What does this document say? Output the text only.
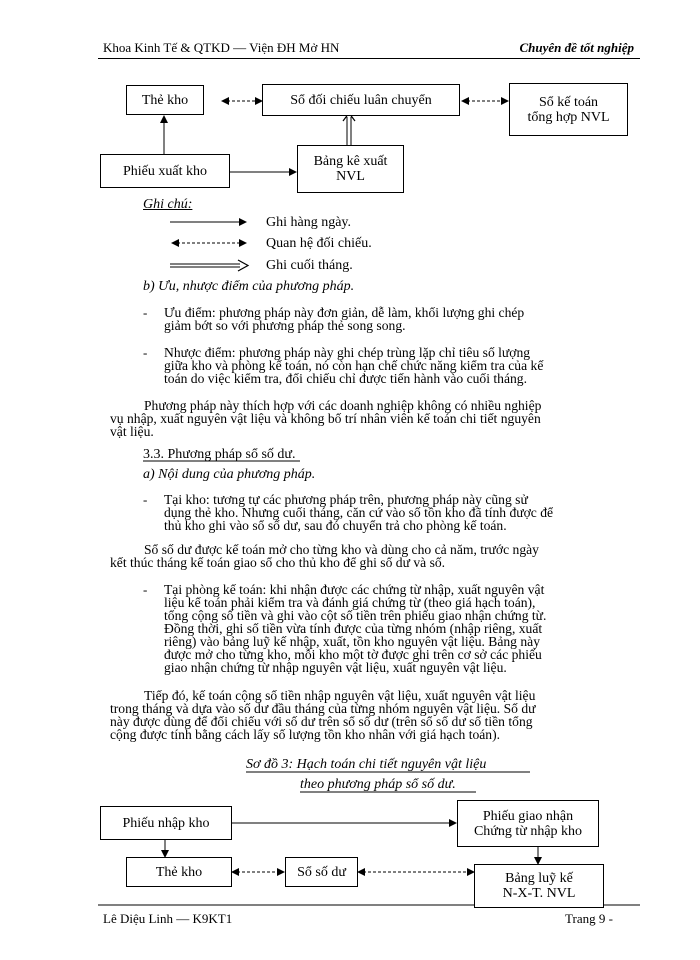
Khoa Kinh Tế & QTKD — Viện ĐH Mở HN	Chuyên đề tốt nghiệp
Thẻ kho	Sổ đối chiếu luân chuyển	Sổ kế toán
tổng hợp NVL
Phiếu xuất kho
Bảng kê xuất
NVL
Ghi chú:
Ghi hàng ngày.
Quan hệ đối chiếu.
Ghi cuối tháng.
b) Ưu, nhược điểm của phương pháp.
- Ưu điểm: phương pháp này đơn giản, dễ làm, khối lượng ghi chép
giảm bớt so với phương pháp thẻ song song.
- Nhược điểm: phương pháp này ghi chép trùng lặp chỉ tiêu số lượng
giữa kho và phòng kế toán, nó còn hạn chế chức năng kiểm tra của kế
toán do việc kiểm tra, đối chiếu chỉ được tiến hành vào cuối tháng.
Phương pháp này thích hợp với các doanh nghiệp không có nhiều nghiệp
vụ nhập, xuất nguyên vật liệu và không bố trí nhân viên kế toán chi tiết nguyên
vật liệu.
3.3. Phương pháp sổ số dư.
a) Nội dung của phương pháp.
- Tại kho: tương tự các phương pháp trên, phương pháp này cũng sử
dụng thẻ kho. Nhưng cuối tháng, căn cứ vào số tồn kho đã tính được để
thủ kho ghi vào sổ số dư, sau đó chuyển trả cho phòng kế toán.
Sổ số dư được kế toán mở cho từng kho và dùng cho cả năm, trước ngày
kết thúc tháng kế toán giao sổ cho thủ kho để ghi số dư và số.
- Tại phòng kế toán: khi nhận được các chứng từ nhập, xuất nguyên vật
liệu kế toán phải kiểm tra và đánh giá chứng từ (theo giá hạch toán),
tổng cộng số tiền và ghi vào cột số tiền trên phiếu giao nhận chứng từ.
Đồng thời, ghi số tiền vừa tính được của từng nhóm (nhập riêng, xuất
riêng) vào bảng luỹ kế nhập, xuất, tồn kho nguyên vật liệu. Bảng này
được mở cho từng kho, mỗi kho một tờ được ghi trên cơ sở các phiếu
giao nhận chứng từ nhập nguyên vật liệu, xuất nguyên vật liệu.
Tiếp đó, kế toán cộng số tiền nhập nguyên vật liệu, xuất nguyên vật liệu
trong tháng và dựa vào số dư đầu tháng của từng nhóm nguyên vật liệu. Số dư
này được dùng để đối chiếu với số dư trên sổ số dư (trên sổ số dư số tiền tổng
cộng được tính bằng cách lấy số lượng tồn kho nhân với giá hạch toán).
Sơ đồ 3: Hạch toán chi tiết nguyên vật liệu
theo phương pháp sổ số dư.
Phiếu nhập kho	Phiếu giao nhận
Chứng từ nhập kho
Thẻ kho	Sổ số dư	Bảng luỹ kế
N-X-T. NVL
Lê Diệu Linh — K9KT1	Trang 9 -
